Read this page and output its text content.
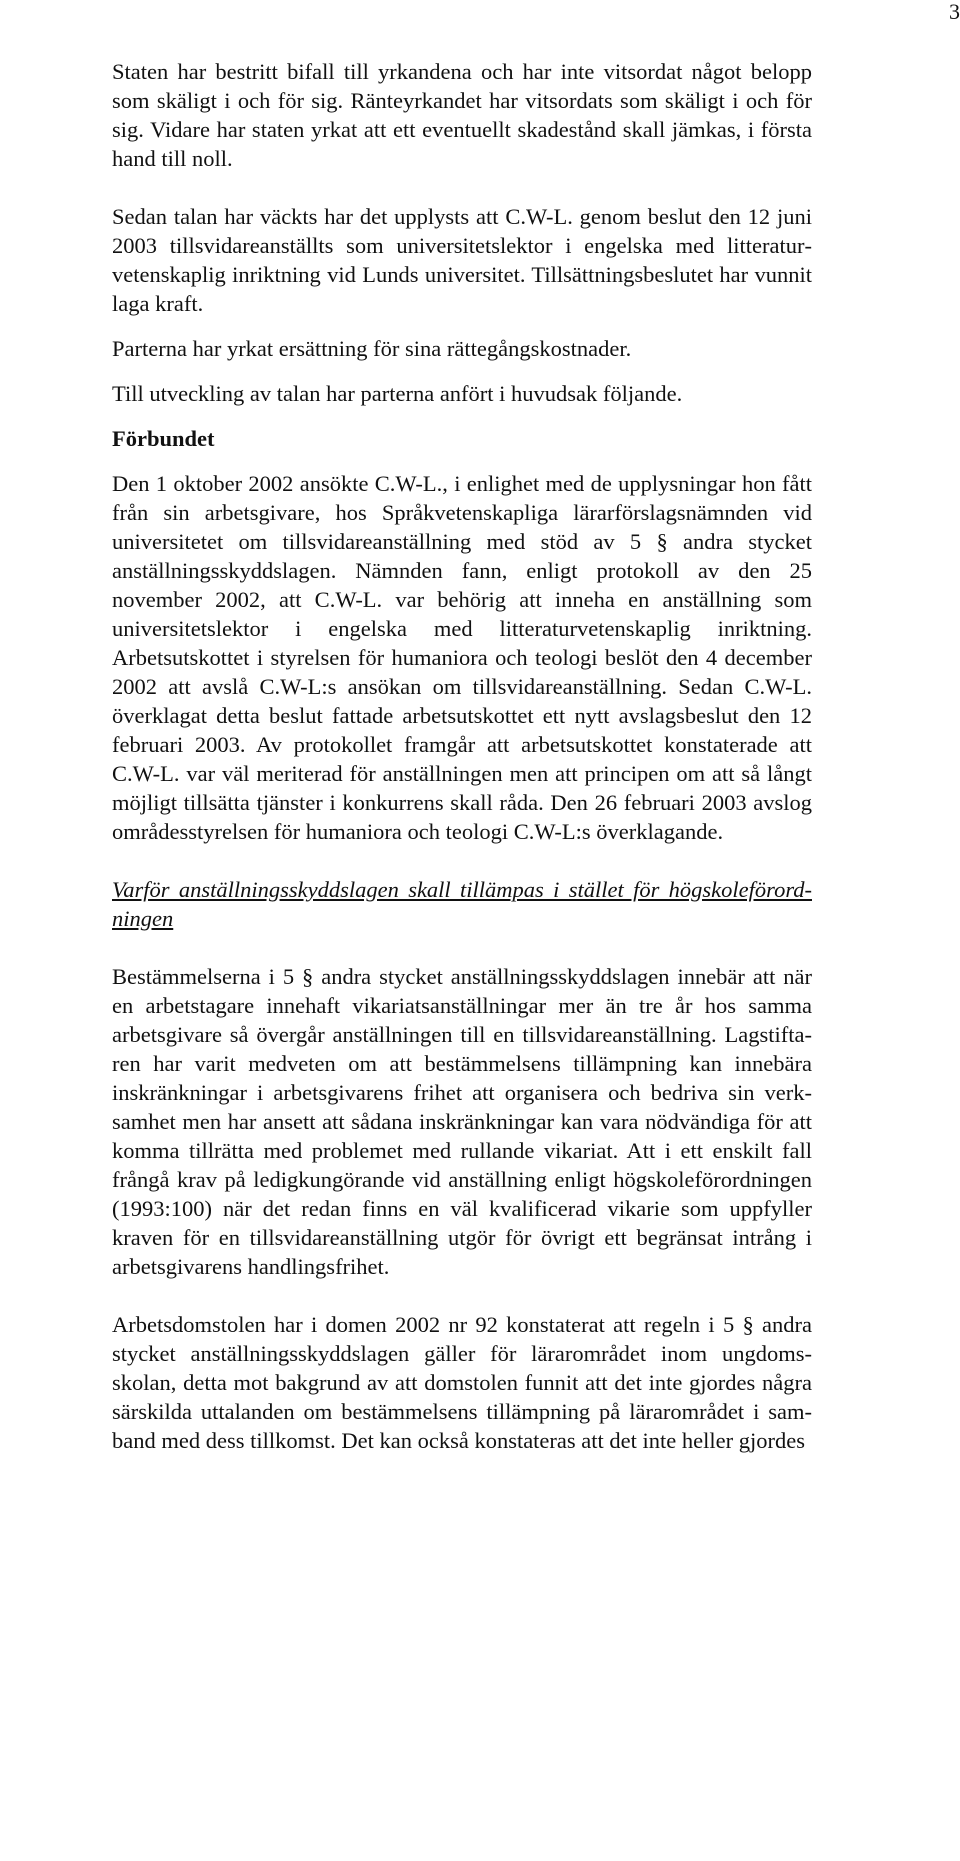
3

Staten har bestritt bifall till yrkandena och har inte vitsordat något belopp som skäligt i och för sig. Ränteyrkandet har vitsordats som skäligt i och för sig. Vidare har staten yrkat att ett eventuellt skadestånd skall jämkas, i första hand till noll.

Sedan talan har väckts har det upplysts att C.W-L. genom beslut den 12 juni 2003 tillsvidareanställts som universitetslektor i engelska med litteraturvetenskaplig inriktning vid Lunds universitet. Tillsättningsbeslutet har vunnit laga kraft.

Parterna har yrkat ersättning för sina rättegångskostnader.

Till utveckling av talan har parterna anfört i huvudsak följande.

Förbundet

Den 1 oktober 2002 ansökte C.W-L., i enlighet med de upplysningar hon fått från sin arbetsgivare, hos Språkvetenskapliga lärarförslagsnämnden vid universitetet om tillsvidareanställning med stöd av 5 § andra stycket anställningsskyddslagen. Nämnden fann, enligt protokoll av den 25 november 2002, att C.W-L. var behörig att inneha en anställning som universitetslektor i engelska med litteraturvetenskaplig inriktning. Arbetsutskottet i styrelsen för humaniora och teologi beslöt den 4 december 2002 att avslå C.W-L:s ansökan om tillsvidareanställning. Sedan C.W-L. överklagat detta beslut fattade arbetsutskottet ett nytt avslagsbeslut den 12 februari 2003. Av protokollet framgår att arbetsutskottet konstaterade att C.W-L. var väl meriterad för anställningen men att principen om att så långt möjligt tillsätta tjänster i konkurrens skall råda. Den 26 februari 2003 avslog områdesstyrelsen för humaniora och teologi C.W-L:s överklagande.

Varför anställningsskyddslagen skall tillämpas i stället för högskoleförordningen

Bestämmelserna i 5 § andra stycket anställningsskyddslagen innebär att när en arbetstagare innehaft vikariatsanställningar mer än tre år hos samma arbetsgivare så övergår anställningen till en tillsvidareanställning. Lagstiftaren har varit medveten om att bestämmelsens tillämpning kan innebära inskränkningar i arbetsgivarens frihet att organisera och bedriva sin verksamhet men har ansett att sådana inskränkningar kan vara nödvändiga för att komma tillrätta med problemet med rullande vikariat. Att i ett enskilt fall frångå krav på ledigkungörande vid anställning enligt högskoleförordningen (1993:100) när det redan finns en väl kvalificerad vikarie som uppfyller kraven för en tillsvidareanställning utgör för övrigt ett begränsat intrång i arbetsgivarens handlingsfrihet.

Arbetsdomstolen har i domen 2002 nr 92 konstaterat att regeln i 5 § andra stycket anställningsskyddslagen gäller för lärarområdet inom ungdomsskolan, detta mot bakgrund av att domstolen funnit att det inte gjordes några särskilda uttalanden om bestämmelsens tillämpning på lärarområdet i samband med dess tillkomst. Det kan också konstateras att det inte heller gjordes
